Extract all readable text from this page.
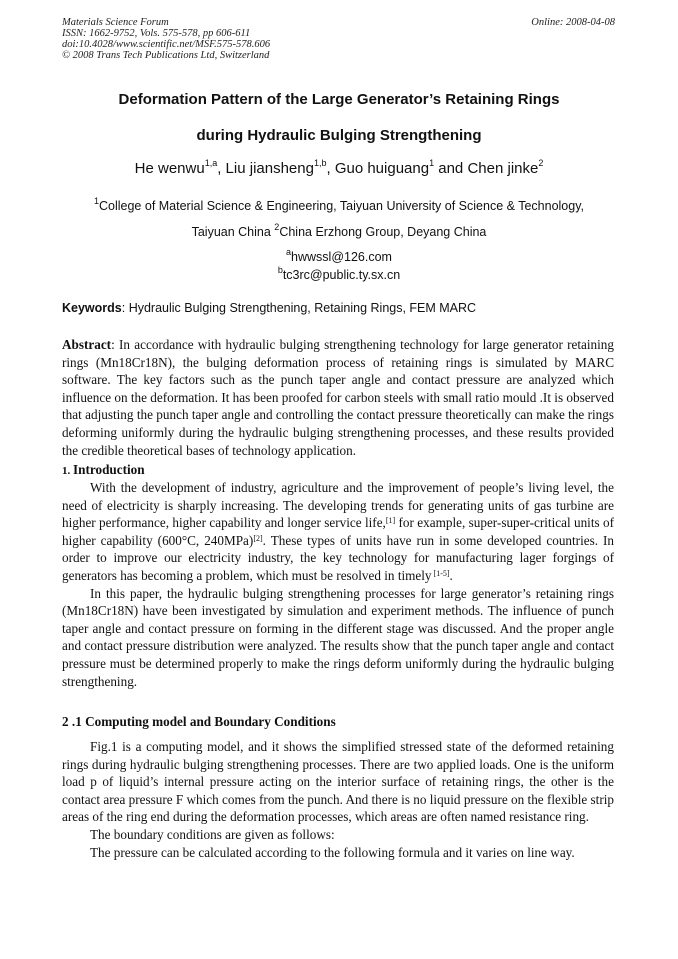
Materials Science Forum
ISSN: 1662-9752, Vols. 575-578, pp 606-611
doi:10.4028/www.scientific.net/MSF.575-578.606
© 2008 Trans Tech Publications Ltd, Switzerland
Online: 2008-04-08
Deformation Pattern of the Large Generator’s Retaining Rings
during Hydraulic Bulging Strengthening
He wenwu$^{1,a}$, Liu jiansheng$^{1,b}$, Guo huiguang$^1$ and Chen jinke$^2$
$^1$College of Material Science & Engineering, Taiyuan University of Science & Technology,
Taiyuan China $^2$China Erzhong Group, Deyang China
$^a$hwwssl@126.com
$^b$tc3rc@public.ty.sx.cn
Keywords: Hydraulic Bulging Strengthening, Retaining Rings, FEM MARC

Abstract: In accordance with hydraulic bulging strengthening technology for large generator retaining rings (Mn18Cr18N), the bulging deformation process of retaining rings is simulated by MARC software. The key factors such as the punch taper angle and contact pressure are analyzed which influence on the deformation. It has been proofed for carbon steels with small ratio mould .It is observed that adjusting the punch taper angle and controlling the contact pressure theoretically can make the rings deforming uniformly during the hydraulic bulging strengthening processes, and these results provided the credible theoretical bases of technology application.

1. Introduction

With the development of industry, agriculture and the improvement of people’s living level, the need of electricity is sharply increasing. The developing trends for generating units of gas turbine are higher performance, higher capability and longer service life,[1] for example, super-super-critical units of higher capability (600°C, 240MPa)[2]. These types of units have run in some developed countries. In order to improve our electricity industry, the key technology for manufacturing lager forgings of generators has becoming a problem, which must be resolved in timely [1-5].

In this paper, the hydraulic bulging strengthening processes for large generator’s retaining rings (Mn18Cr18N) have been investigated by simulation and experiment methods. The influence of punch taper angle and contact pressure on forming in the different stage was discussed. And the proper angle and contact pressure distribution were analyzed. The results show that the punch taper angle and contact pressure must be determined properly to make the rings deform uniformly during the hydraulic bulging strengthening.

2 .1 Computing model and Boundary Conditions

Fig.1 is a computing model, and it shows the simplified stressed state of the deformed retaining rings during hydraulic bulging strengthening processes. There are two applied loads. One is the uniform load p of liquid’s internal pressure acting on the interior surface of retaining rings, the other is the contact area pressure F which comes from the punch. And there is no liquid pressure on the flexible strip areas of the ring end during the deformation processes, which areas are often named resistance ring.

The boundary conditions are given as follows:

The pressure can be calculated according to the following formula and it varies on line way.
